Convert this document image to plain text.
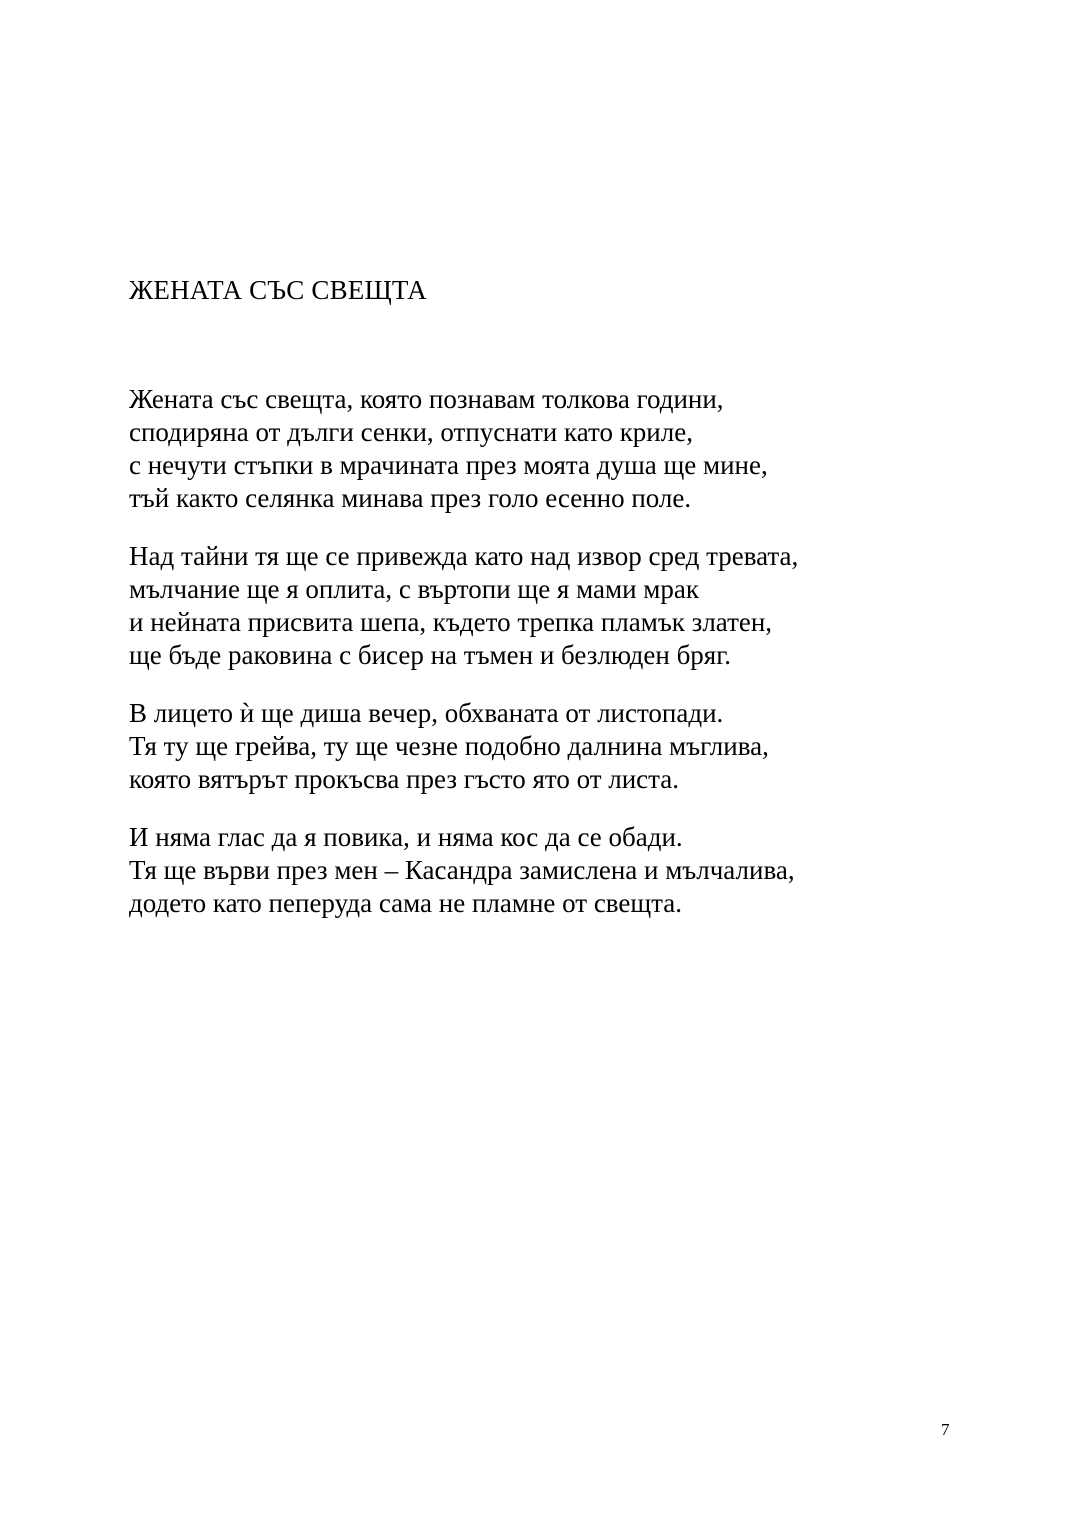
ЖЕНАТА СЪС СВЕЩТА

Жената със свещта, която познавам толкова години,
сподиряна от дълги сенки, отпуснати като криле,
с нечути стъпки в мрачината през моята душа ще мине,
тъй както селянка минава през голо есенно поле.

Над тайни тя ще се привежда като над извор сред тревата,
мълчание ще я оплита, с въртопи ще я мами мрак
и нейната присвита шепа, където трепка пламък златен,
ще бъде раковина с бисер на тъмен и безлюден бряг.

В лицето ѝ ще диша вечер, обхваната от листопади.
Тя ту ще грейва, ту ще чезне подобно далнина мъглива,
която вятърът прокъсва през гъсто ято от листа.

И няма глас да я повика, и няма кос да се обади.
Тя ще върви през мен – Касандра замислена и мълчалива,
додето като пеперуда сама не пламне от свещта.

7
